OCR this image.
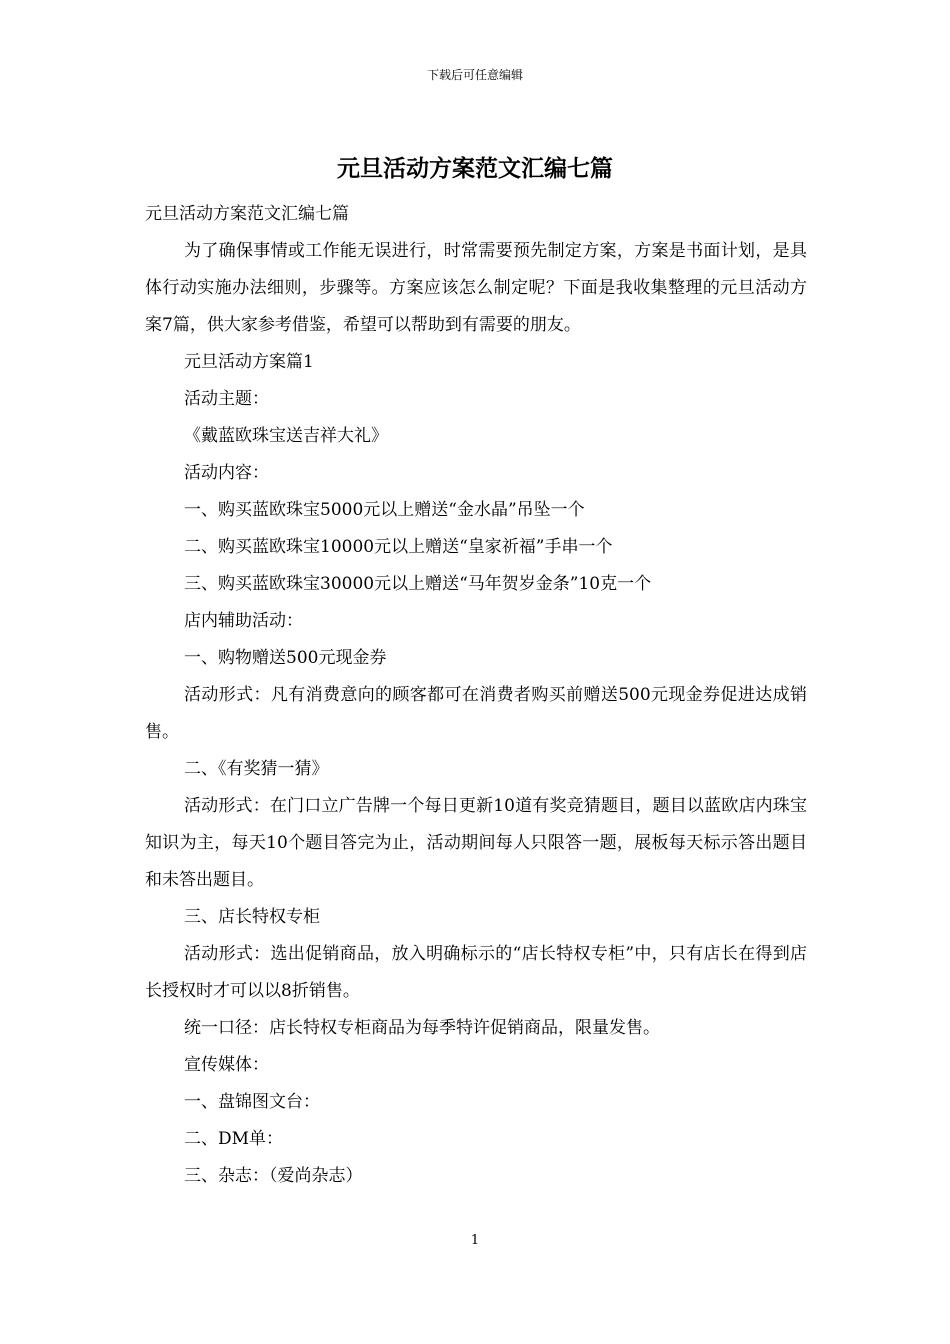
下载后可任意编辑
元旦活动方案范文汇编七篇

元旦活动方案范文汇编七篇

为了确保事情或工作能无误进行，时常需要预先制定方案，方案是书面计划，是具体行动实施办法细则，步骤等。方案应该怎么制定呢？下面是我收集整理的元旦活动方案7篇，供大家参考借鉴，希望可以帮助到有需要的朋友。

元旦活动方案篇1

活动主题：

《戴蓝欧珠宝送吉祥大礼》

活动内容：

一、购买蓝欧珠宝5000元以上赠送“金水晶”吊坠一个

二、购买蓝欧珠宝10000元以上赠送“皇家祈福”手串一个

三、购买蓝欧珠宝30000元以上赠送“马年贺岁金条”10克一个

店内辅助活动：

一、购物赠送500元现金券

活动形式：凡有消费意向的顾客都可在消费者购买前赠送500元现金券促进达成销售。

二、《有奖猜一猜》

活动形式：在门口立广告牌一个每日更新10道有奖竞猜题目，题目以蓝欧店内珠宝知识为主，每天10个题目答完为止，活动期间每人只限答一题，展板每天标示答出题目和未答出题目。

三、店长特权专柜

活动形式：选出促销商品，放入明确标示的“店长特权专柜”中，只有店长在得到店长授权时才可以以8折销售。

统一口径：店长特权专柜商品为每季特许促销商品，限量发售。

宣传媒体：

一、盘锦图文台：

二、DM单：

三、杂志：（爱尚杂志）

1
